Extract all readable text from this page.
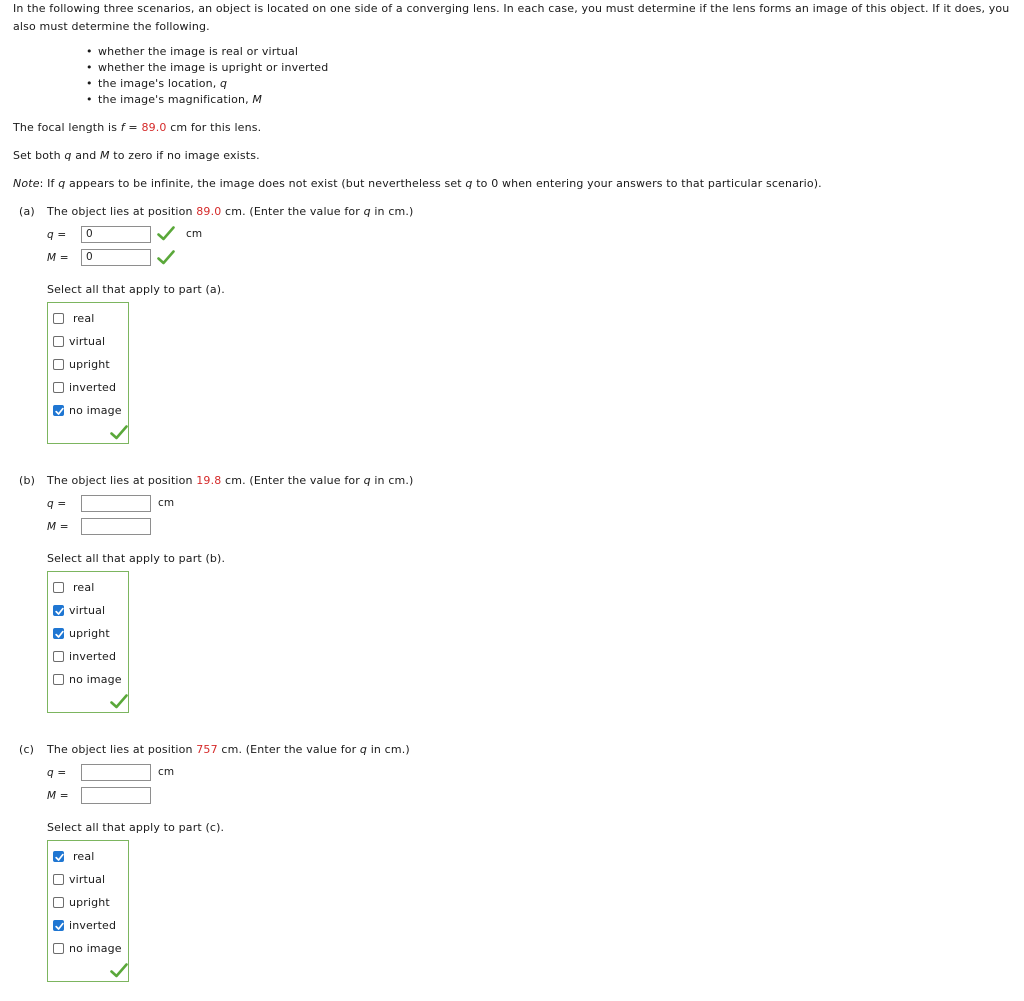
In the following three scenarios, an object is located on one side of a converging lens. In each case, you must determine if the lens forms an image of this object. If it does, you also must determine the following.
• whether the image is real or virtual
• whether the image is upright or inverted
• the image's location, q
• the image's magnification, M
The focal length is f = 89.0 cm for this lens.
Set both q and M to zero if no image exists.
Note: If q appears to be infinite, the image does not exist (but nevertheless set q to 0 when entering your answers to that particular scenario).
(a) The object lies at position 89.0 cm. (Enter the value for q in cm.)
q =	0	cm
M =	0
Select all that apply to part (a).
real
virtual
upright
inverted
no image
(b) The object lies at position 19.8 cm. (Enter the value for q in cm.)
q =	cm
M =
Select all that apply to part (b).
real
virtual
upright
inverted
no image
(c) The object lies at position 757 cm. (Enter the value for q in cm.)
q =	cm
M =
Select all that apply to part (c).
real
virtual
upright
inverted
no image
